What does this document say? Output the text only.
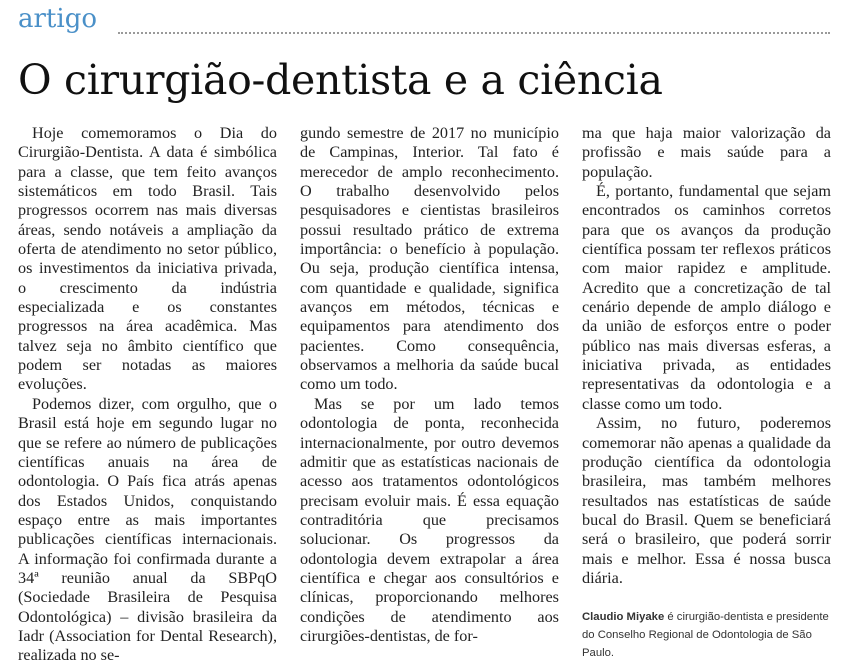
artigo
O cirurgião-dentista e a ciência

Hoje comemoramos o Dia do Cirurgião-Dentista. A data é simbólica para a classe, que tem feito avanços sistemáticos em todo Brasil. Tais progressos ocorrem nas mais diversas áreas, sendo notáveis a ampliação da oferta de atendimento no setor público, os investimentos da iniciativa privada, o crescimento da indústria especializada e os constantes progressos na área acadêmica. Mas talvez seja no âmbito científico que podem ser notadas as maiores evoluções.

Podemos dizer, com orgulho, que o Brasil está hoje em segundo lugar no que se refere ao número de publicações científicas anuais na área de odontologia. O País fica atrás apenas dos Estados Unidos, conquistando espaço entre as mais importantes publicações científicas internacionais. A informação foi confirmada durante a 34ª reunião anual da SBPqO (Sociedade Brasileira de Pesquisa Odontológica) – divisão brasileira da Iadr (Association for Dental Research), realizada no se-

gundo semestre de 2017 no município de Campinas, Interior. Tal fato é merecedor de amplo reconhecimento. O trabalho desenvolvido pelos pesquisadores e cientistas brasileiros possui resultado prático de extrema importância: o benefício à população. Ou seja, produção científica intensa, com quantidade e qualidade, significa avanços em métodos, técnicas e equipamentos para atendimento dos pacientes. Como consequência, observamos a melhoria da saúde bucal como um todo.

Mas se por um lado temos odontologia de ponta, reconhecida internacionalmente, por outro devemos admitir que as estatísticas nacionais de acesso aos tratamentos odontológicos precisam evoluir mais. É essa equação contraditória que precisamos solucionar. Os progressos da odontologia devem extrapolar a área científica e chegar aos consultórios e clínicas, proporcionando melhores condições de atendimento aos cirurgiões-dentistas, de for-

ma que haja maior valorização da profissão e mais saúde para a população.

É, portanto, fundamental que sejam encontrados os caminhos corretos para que os avanços da produção científica possam ter reflexos práticos com maior rapidez e amplitude. Acredito que a concretização de tal cenário depende de amplo diálogo e da união de esforços entre o poder público nas mais diversas esferas, a iniciativa privada, as entidades representativas da odontologia e a classe como um todo.

Assim, no futuro, poderemos comemorar não apenas a qualidade da produção científica da odontologia brasileira, mas também melhores resultados nas estatísticas de saúde bucal do Brasil. Quem se beneficiará será o brasileiro, que poderá sorrir mais e melhor. Essa é nossa busca diária.

Claudio Miyake é cirurgião-dentista e presidente do Conselho Regional de Odontologia de São Paulo.
